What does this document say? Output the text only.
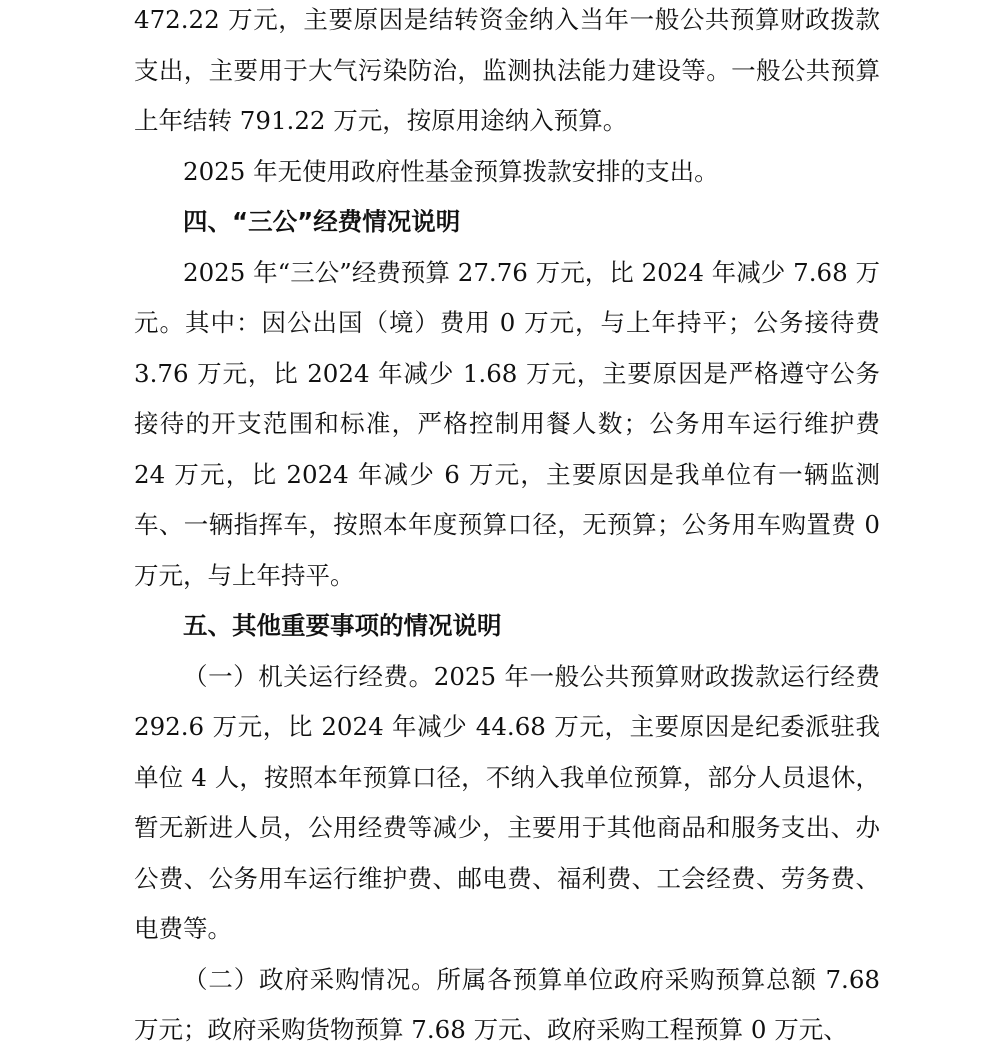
472.22 万元，主要原因是结转资金纳入当年一般公共预算财政拨款支出，主要用于大气污染防治，监测执法能力建设等。一般公共预算上年结转 791.22 万元，按原用途纳入预算。

2025 年无使用政府性基金预算拨款安排的支出。

四、“三公”经费情况说明

2025 年“三公”经费预算 27.76 万元，比 2024 年减少 7.68 万元。其中：因公出国（境）费用 0 万元，与上年持平；公务接待费 3.76 万元，比 2024 年减少 1.68 万元，主要原因是严格遵守公务接待的开支范围和标准，严格控制用餐人数；公务用车运行维护费 24 万元，比 2024 年减少 6 万元，主要原因是我单位有一辆监测车、一辆指挥车，按照本年度预算口径，无预算；公务用车购置费 0 万元，与上年持平。

五、其他重要事项的情况说明

（一）机关运行经费。2025 年一般公共预算财政拨款运行经费 292.6 万元，比 2024 年减少 44.68 万元，主要原因是纪委派驻我单位 4 人，按照本年预算口径，不纳入我单位预算，部分人员退休，暂无新进人员，公用经费等减少，主要用于其他商品和服务支出、办公费、公务用车运行维护费、邮电费、福利费、工会经费、劳务费、电费等。

（二）政府采购情况。所属各预算单位政府采购预算总额 7.68 万元；政府采购货物预算 7.68 万元、政府采购工程预算 0 万元、
